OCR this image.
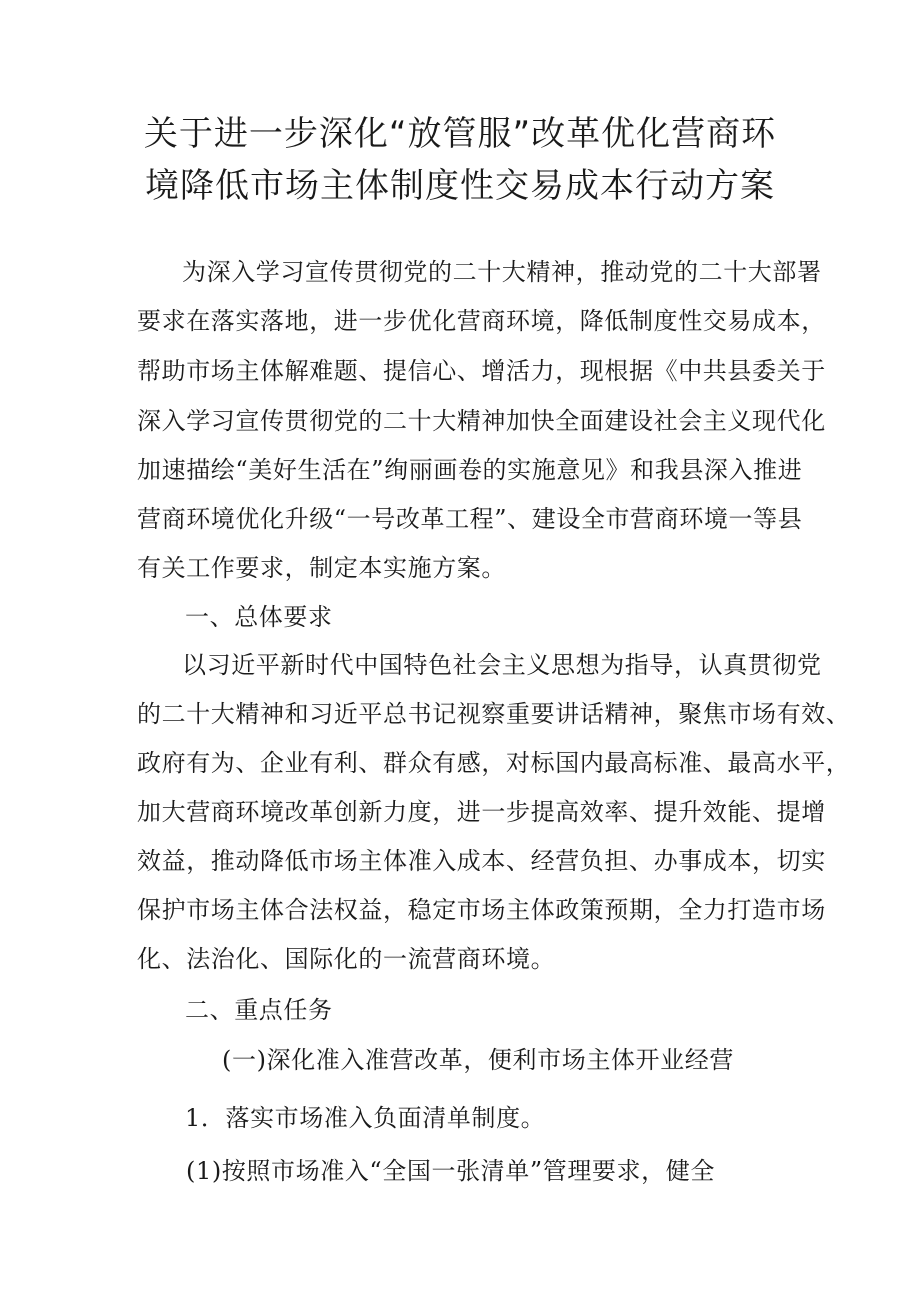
关于进一步深化“放管服”改革优化营商环
境降低市场主体制度性交易成本行动方案
为深入学习宣传贯彻党的二十大精神，推动党的二十大部署
要求在落实落地，进一步优化营商环境，降低制度性交易成本，
帮助市场主体解难题、提信心、增活力，现根据《中共县委关于
深入学习宣传贯彻党的二十大精神加快全面建设社会主义现代化
加速描绘“美好生活在”绚丽画卷的实施意见》和我县深入推进
营商环境优化升级“一号改革工程”、建设全市营商环境一等县
有关工作要求，制定本实施方案。
一、总体要求
以习近平新时代中国特色社会主义思想为指导，认真贯彻党
的二十大精神和习近平总书记视察重要讲话精神，聚焦市场有效、
政府有为、企业有利、群众有感，对标国内最高标准、最高水平，
加大营商环境改革创新力度，进一步提高效率、提升效能、提增
效益，推动降低市场主体准入成本、经营负担、办事成本，切实
保护市场主体合法权益，稳定市场主体政策预期，全力打造市场
化、法治化、国际化的一流营商环境。
二、重点任务
(一)深化准入准营改革，便利市场主体开业经营
1．落实市场准入负面清单制度。
(1)按照市场准入“全国一张清单”管理要求，健全
